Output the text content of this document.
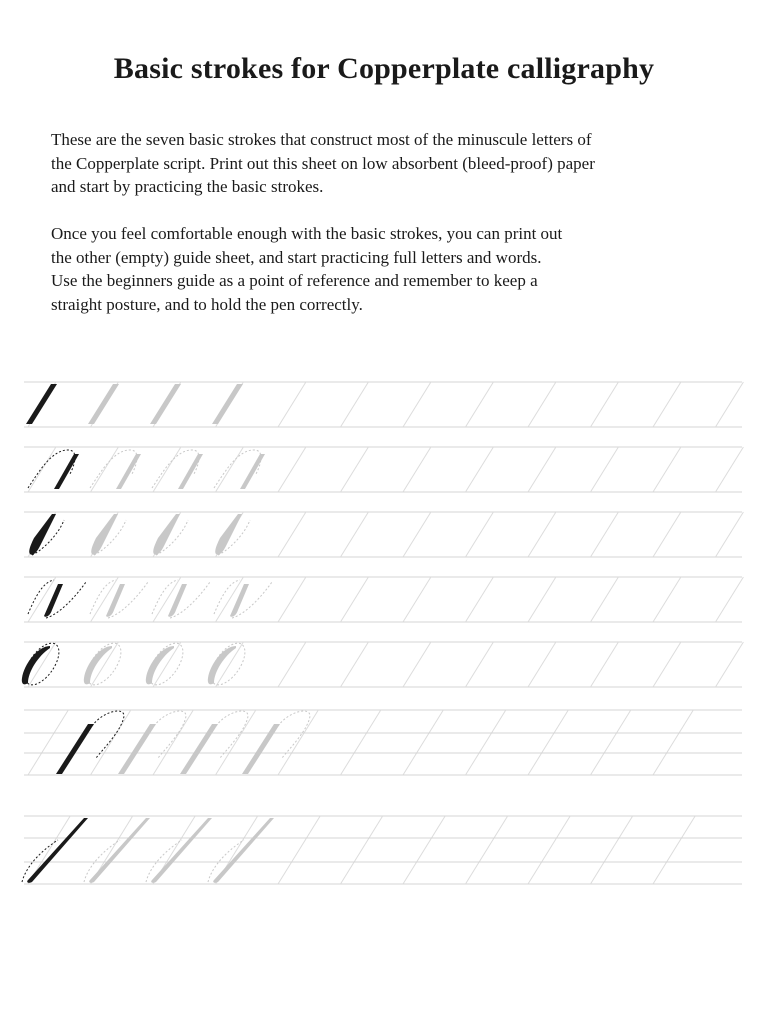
Basic strokes for Copperplate calligraphy
These are the seven basic strokes that construct most of the minuscule letters of
the Copperplate script. Print out this sheet on low absorbent (bleed-proof) paper
and start by practicing the basic strokes.
Once you feel comfortable enough with the basic strokes, you can print out
the other (empty) guide sheet, and start practicing full letters and words.
Use the beginners guide as a point of reference and remember to keep a
straight posture, and to hold the pen correctly.
